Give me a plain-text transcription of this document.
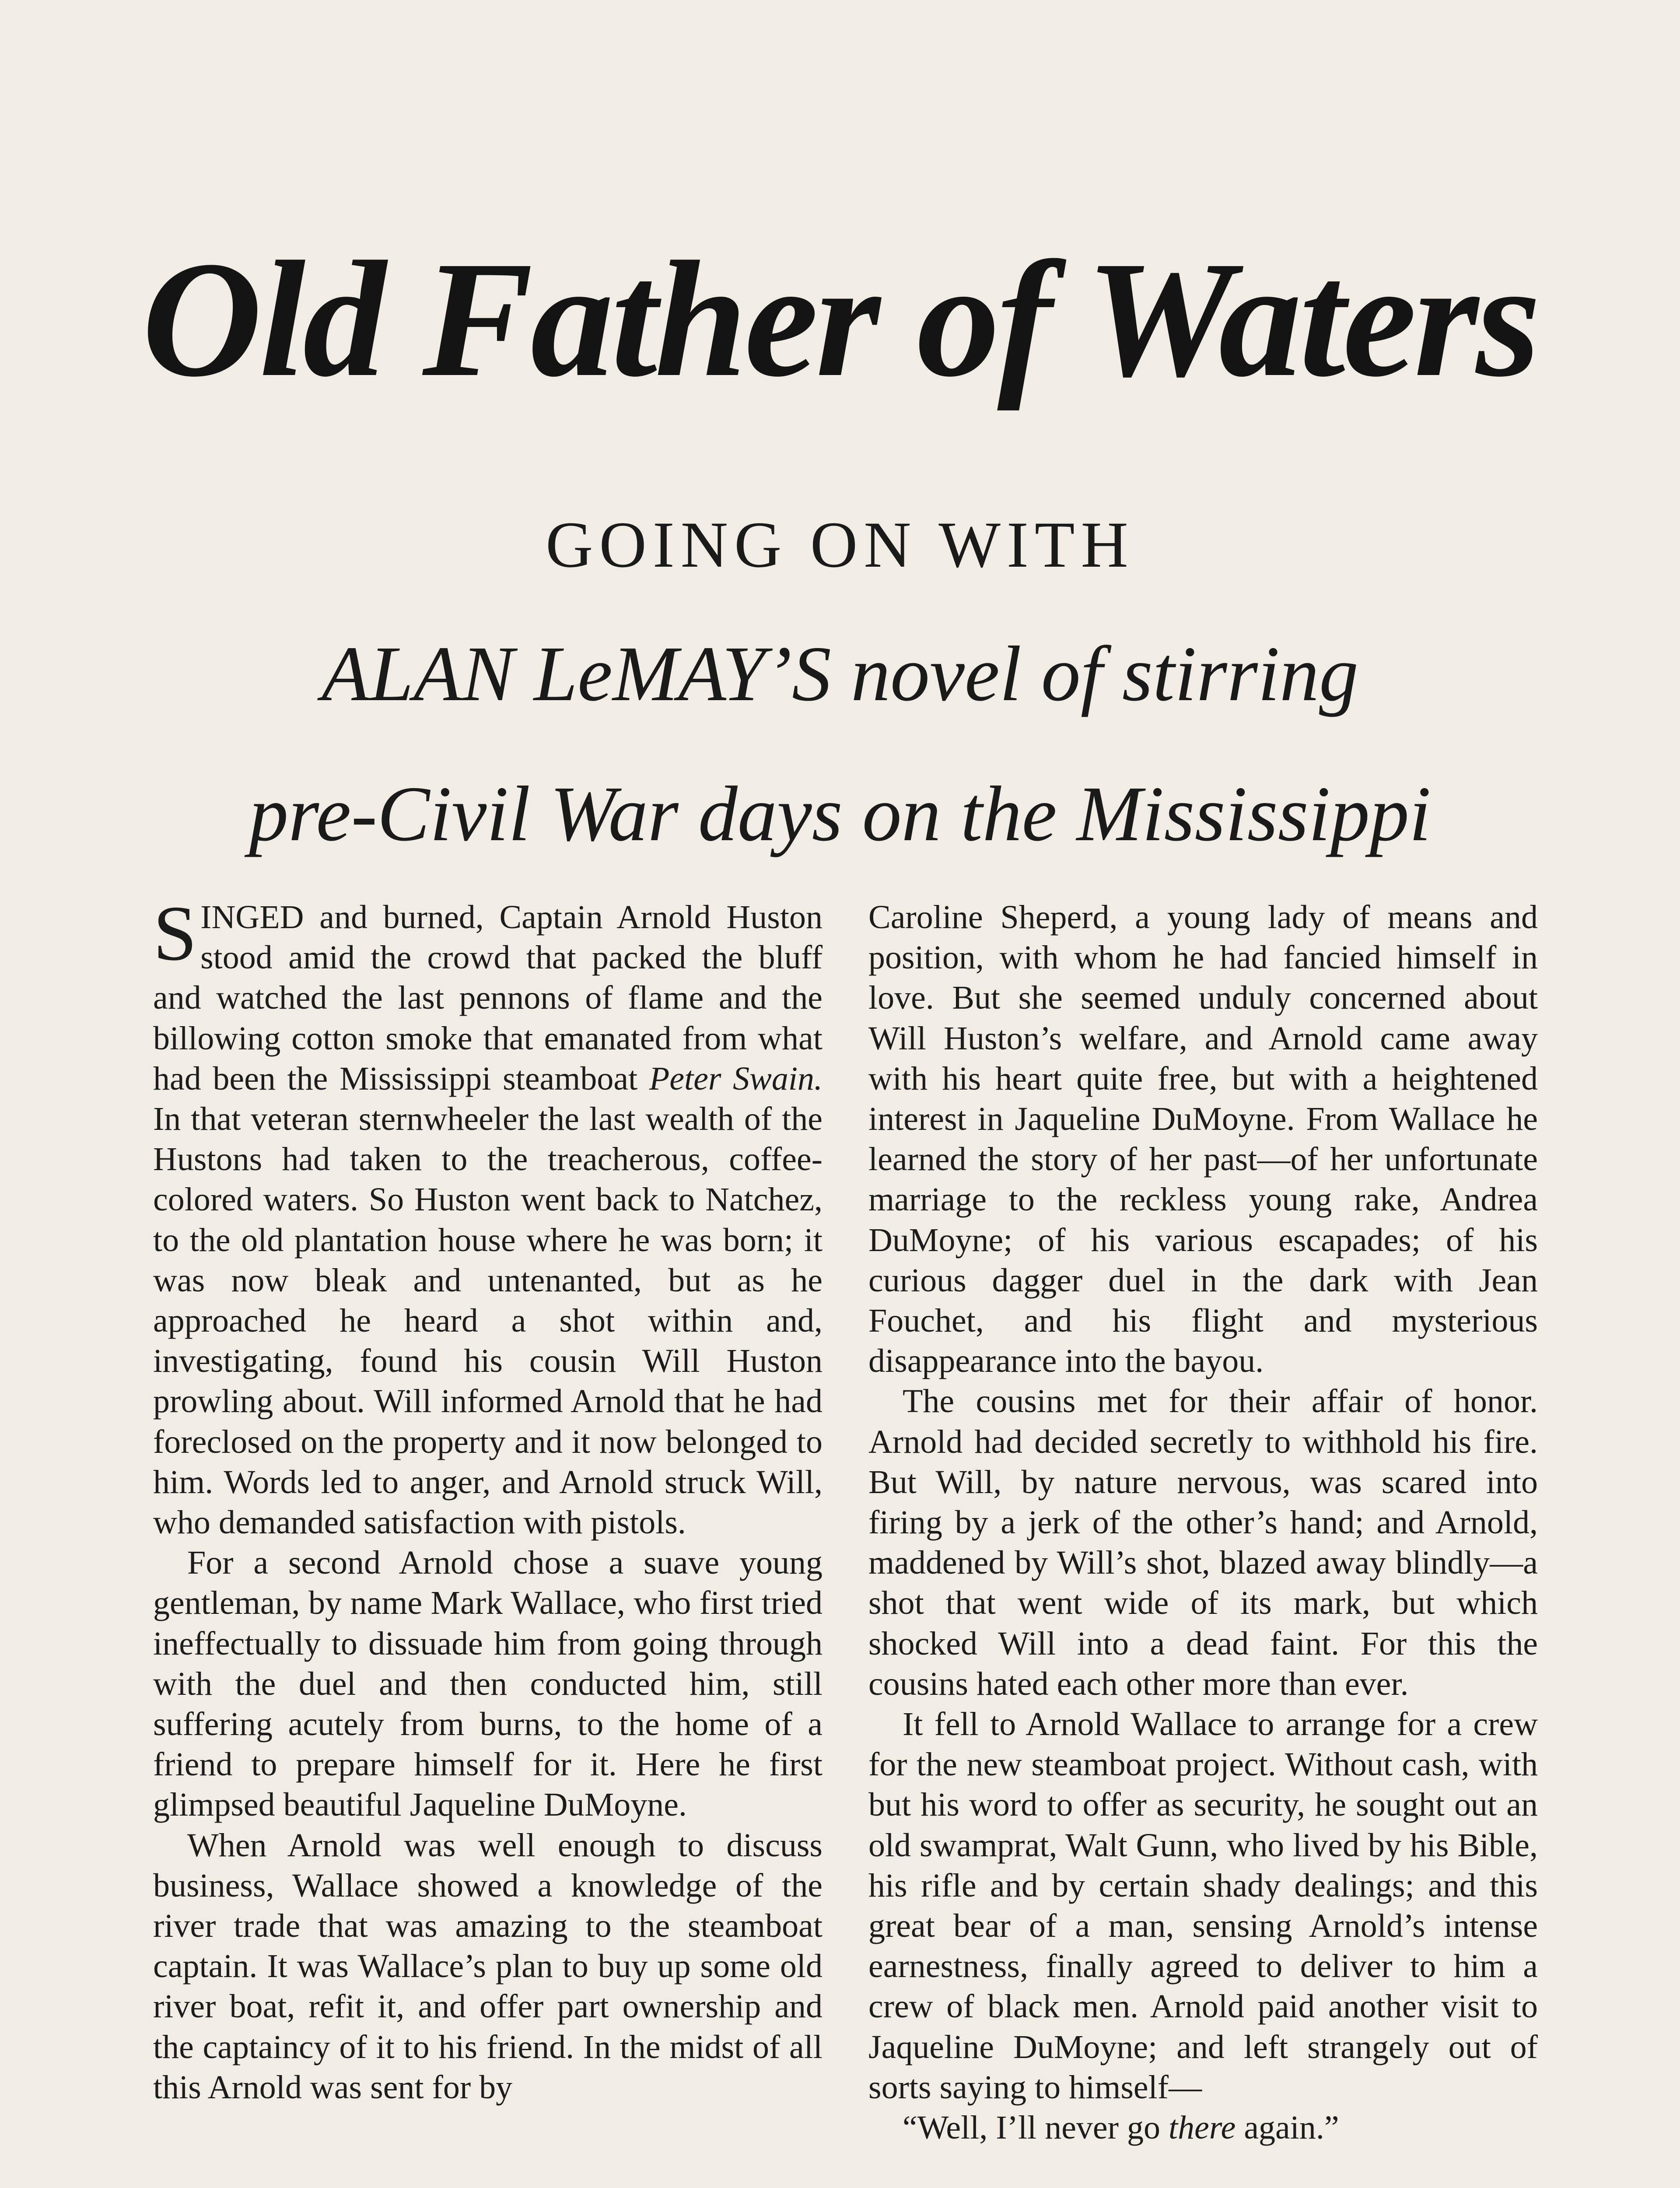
Old Father of Waters
GOING ON WITH
ALAN LeMAY’S novel of stirring
pre-Civil War days on the Mississippi

SINGED and burned, Captain Arnold Huston stood amid the crowd that packed the bluff and watched the last pennons of flame and the billowing cotton smoke that emanated from what had been the Mississippi steamboat Peter Swain. In that veteran sternwheeler the last wealth of the Hustons had taken to the treacherous, coffee-colored waters. So Huston went back to Natchez, to the old plantation house where he was born; it was now bleak and untenanted, but as he approached he heard a shot within and, investigating, found his cousin Will Huston prowling about. Will informed Arnold that he had foreclosed on the property and it now belonged to him. Words led to anger, and Arnold struck Will, who demanded satisfaction with pistols.

For a second Arnold chose a suave young gentleman, by name Mark Wallace, who first tried ineffectually to dissuade him from going through with the duel and then conducted him, still suffering acutely from burns, to the home of a friend to prepare himself for it. Here he first glimpsed beautiful Jaqueline DuMoyne.

When Arnold was well enough to discuss business, Wallace showed a knowledge of the river trade that was amazing to the steamboat captain. It was Wallace’s plan to buy up some old river boat, refit it, and offer part ownership and the captaincy of it to his friend. In the midst of all this Arnold was sent for by

Caroline Sheperd, a young lady of means and position, with whom he had fancied himself in love. But she seemed unduly concerned about Will Huston’s welfare, and Arnold came away with his heart quite free, but with a heightened interest in Jaqueline DuMoyne. From Wallace he learned the story of her past—of her unfortunate marriage to the reckless young rake, Andrea DuMoyne; of his various escapades; of his curious dagger duel in the dark with Jean Fouchet, and his flight and mysterious disappearance into the bayou.

The cousins met for their affair of honor. Arnold had decided secretly to withhold his fire. But Will, by nature nervous, was scared into firing by a jerk of the other’s hand; and Arnold, maddened by Will’s shot, blazed away blindly—a shot that went wide of its mark, but which shocked Will into a dead faint. For this the cousins hated each other more than ever.

It fell to Arnold Wallace to arrange for a crew for the new steamboat project. Without cash, with but his word to offer as security, he sought out an old swamprat, Walt Gunn, who lived by his Bible, his rifle and by certain shady dealings; and this great bear of a man, sensing Arnold’s intense earnestness, finally agreed to deliver to him a crew of black men. Arnold paid another visit to Jaqueline DuMoyne; and left strangely out of sorts saying to himself—

“Well, I’ll never go there again.”
